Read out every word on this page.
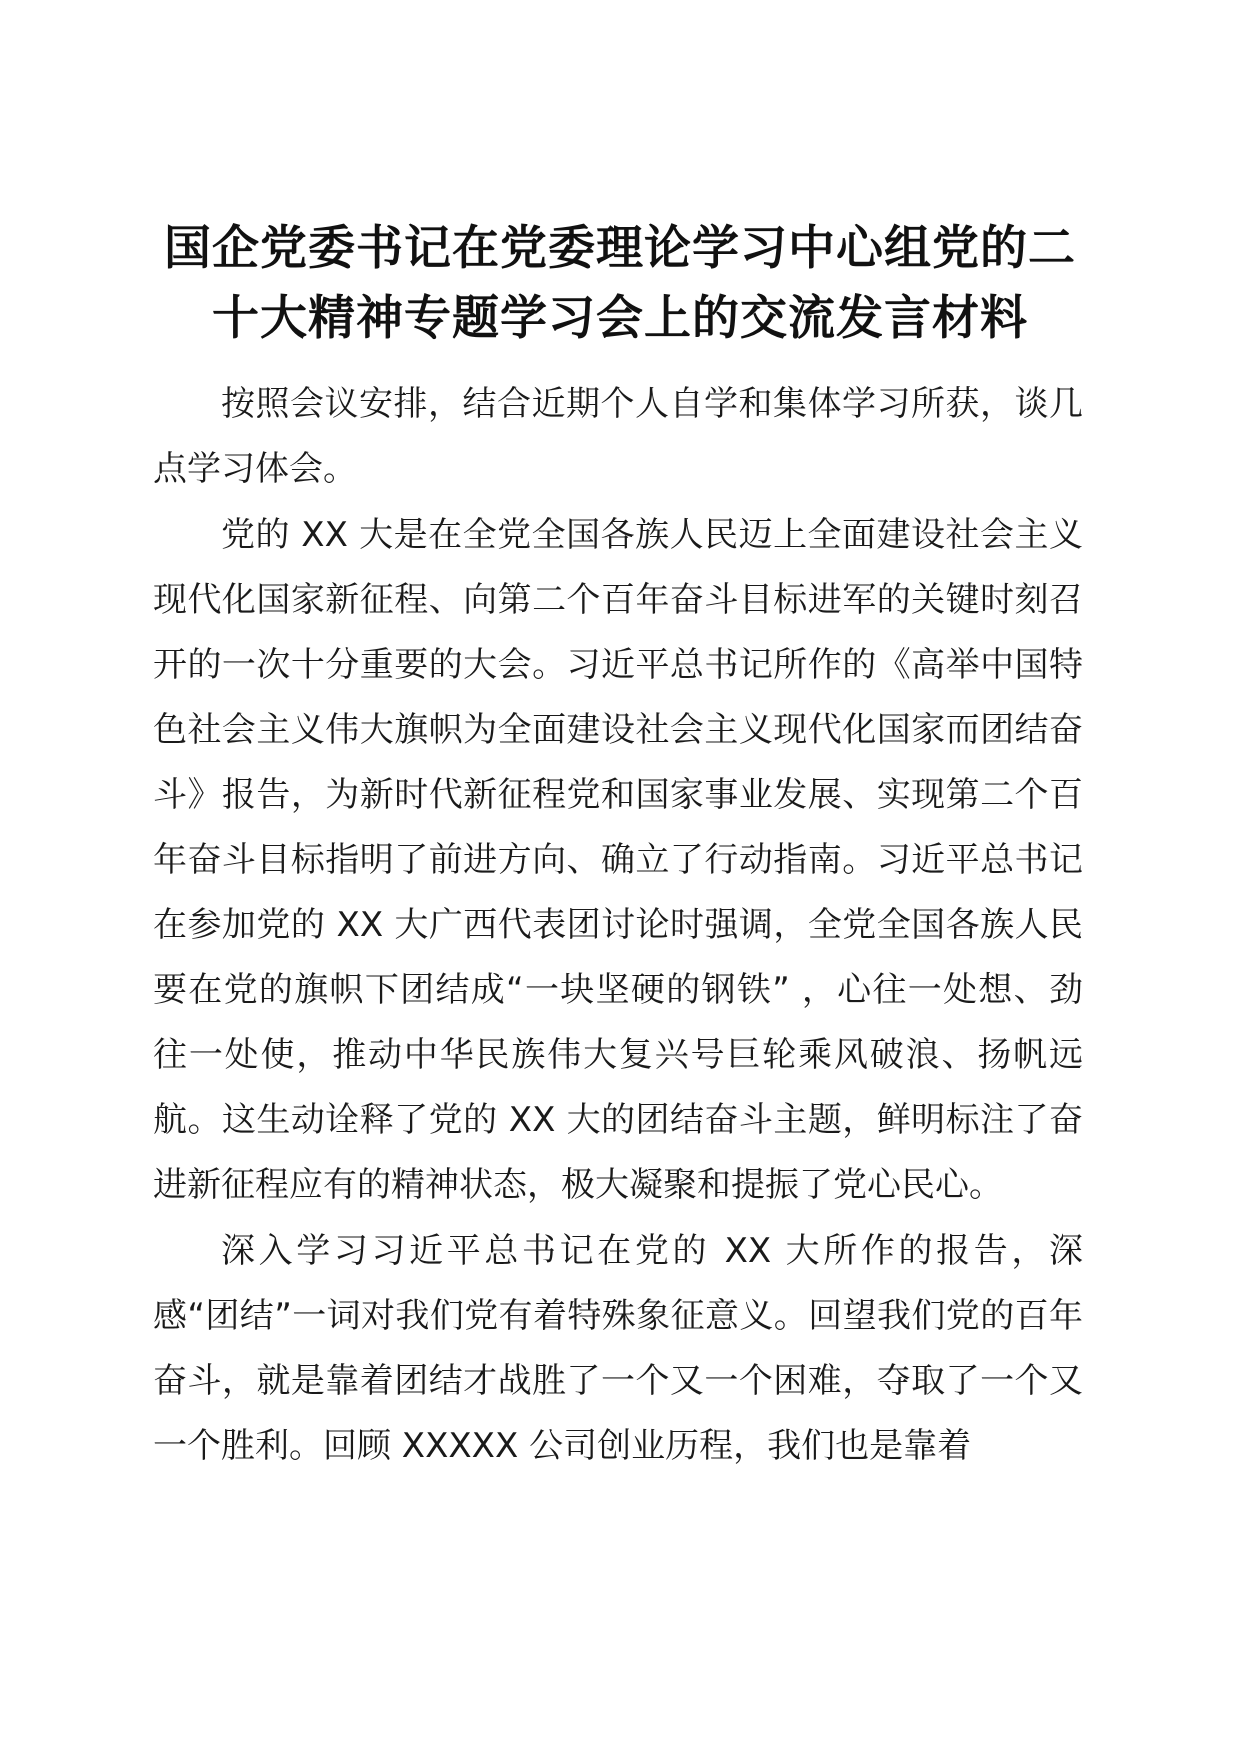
国企党委书记在党委理论学习中心组党的二
十大精神专题学习会上的交流发言材料

按照会议安排，结合近期个人自学和集体学习所获，谈几点学习体会。

党的 XX 大是在全党全国各族人民迈上全面建设社会主义现代化国家新征程、向第二个百年奋斗目标进军的关键时刻召开的一次十分重要的大会。习近平总书记所作的《高举中国特色社会主义伟大旗帜为全面建设社会主义现代化国家而团结奋斗》报告，为新时代新征程党和国家事业发展、实现第二个百年奋斗目标指明了前进方向、确立了行动指南。习近平总书记在参加党的 XX 大广西代表团讨论时强调，全党全国各族人民要在党的旗帜下团结成“一块坚硬的钢铁” ，心往一处想、劲往一处使，推动中华民族伟大复兴号巨轮乘风破浪、扬帆远航。这生动诠释了党的 XX 大的团结奋斗主题，鲜明标注了奋进新征程应有的精神状态，极大凝聚和提振了党心民心。

深入学习习近平总书记在党的 XX 大所作的报告，深感“团结”一词对我们党有着特殊象征意义。回望我们党的百年奋斗，就是靠着团结才战胜了一个又一个困难，夺取了一个又一个胜利。回顾 XXXXX 公司创业历程，我们也是靠着
